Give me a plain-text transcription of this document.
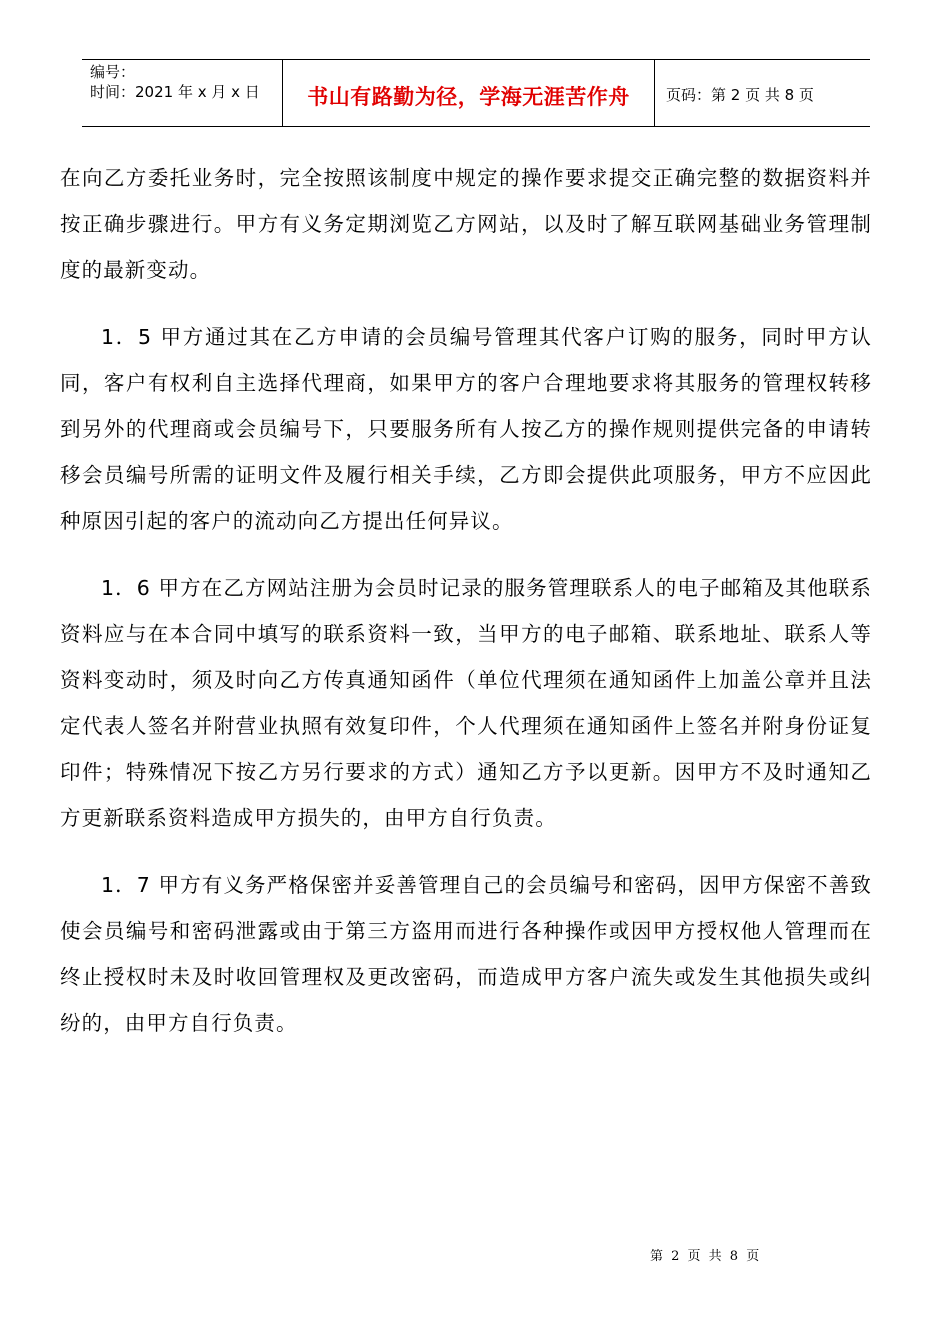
编号：
时间：2021 年 x 月 x 日	书山有路勤为径，学海无涯苦作舟 页码：第 2 页 共 8 页

在向乙方委托业务时，完全按照该制度中规定的操作要求提交正确完整的数据资料并按正确步骤进行。甲方有义务定期浏览乙方网站，以及时了解互联网基础业务管理制度的最新变动。

1．5 甲方通过其在乙方申请的会员编号管理其代客户订购的服务，同时甲方认同，客户有权利自主选择代理商，如果甲方的客户合理地要求将其服务的管理权转移到另外的代理商或会员编号下，只要服务所有人按乙方的操作规则提供完备的申请转移会员编号所需的证明文件及履行相关手续，乙方即会提供此项服务，甲方不应因此种原因引起的客户的流动向乙方提出任何异议。

1．6 甲方在乙方网站注册为会员时记录的服务管理联系人的电子邮箱及其他联系资料应与在本合同中填写的联系资料一致，当甲方的电子邮箱、联系地址、联系人等资料变动时，须及时向乙方传真通知函件（单位代理须在通知函件上加盖公章并且法定代表人签名并附营业执照有效复印件，个人代理须在通知函件上签名并附身份证复印件；特殊情况下按乙方另行要求的方式）通知乙方予以更新。因甲方不及时通知乙方更新联系资料造成甲方损失的，由甲方自行负责。

1．7 甲方有义务严格保密并妥善管理自己的会员编号和密码，因甲方保密不善致使会员编号和密码泄露或由于第三方盗用而进行各种操作或因甲方授权他人管理而在终止授权时未及时收回管理权及更改密码，而造成甲方客户流失或发生其他损失或纠纷的，由甲方自行负责。

第 2 页 共 8 页
